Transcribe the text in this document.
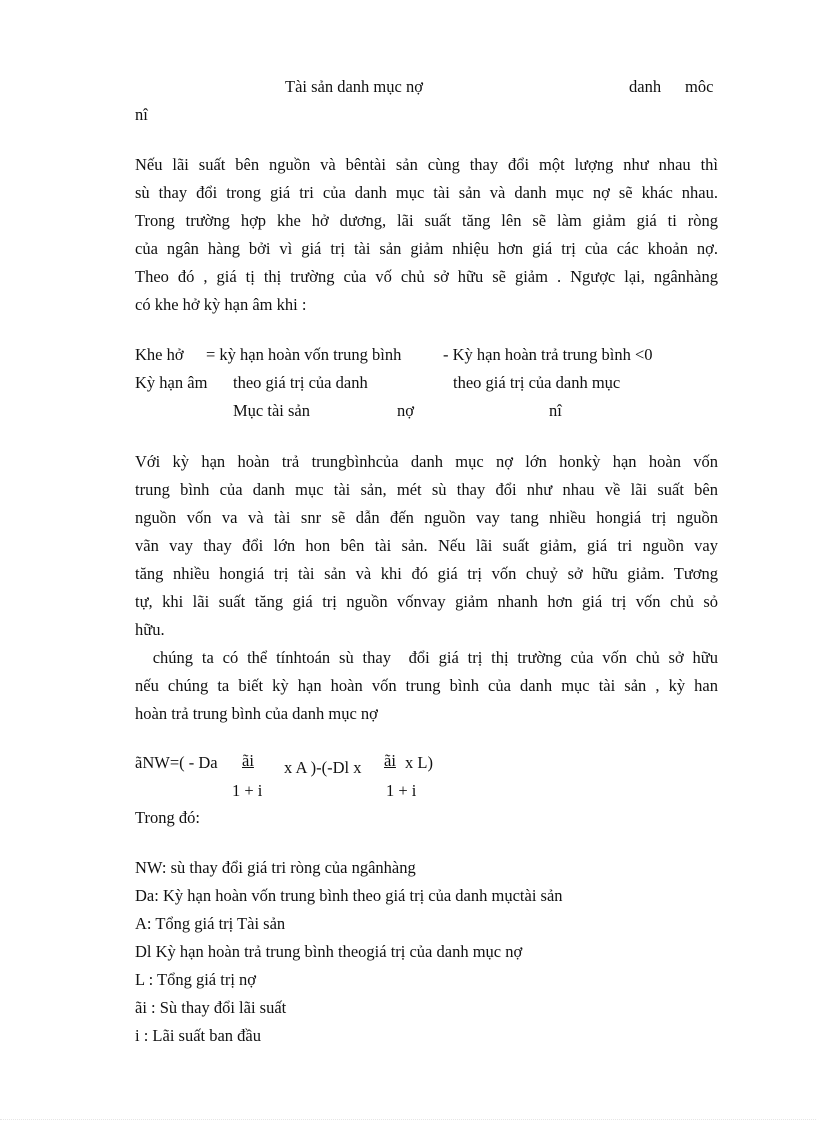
Tài sản danh mục nợ	danh môc
nî
Nếu lãi suất bên nguồn và bêntài sản cùng thay đổi một lượng như nhau thì
sù thay đổi trong giá tri của danh mục tài sản và danh mục nợ sẽ khác nhau.
Trong trường hợp khe hở dương, lãi suất tăng lên sẽ làm giảm giá ti ròng
của ngân hàng bởi vì giá trị tài sản giảm nhiệu hơn giá trị của các khoản nợ.
Theo đó , giá tị thị trường của vố chủ sở hữu sẽ giảm . Ngược lại, ngânhàng
có khe hở kỳ hạn âm khi :
Khe hở = kỳ hạn hoàn vốn trung bình	- Kỳ hạn hoàn trả trung bình <0
Kỳ hạn âm theo giá trị của danh	theo giá trị của danh mục
Mục tài sản	nợ	nî
Với kỳ hạn hoàn trả trungbìnhcủa danh mục nợ lớn honkỳ hạn hoàn vốn
trung bình của danh mục tài sản, mét sù thay đổi như nhau về lãi suất bên
nguồn vốn va và tài snr sẽ dẫn đến nguồn vay tang nhiều hongiá trị nguồn
vãn vay thay đổi lớn hon bên tài sản. Nếu lãi suất giảm, giá tri nguồn vay
tăng nhiều hongiá trị tài sản và khi đó giá trị vốn chuỷ sở hữu giảm. Tương
tự, khi lãi suất tăng giá trị nguồn vốnvay giảm nhanh hơn giá trị vốn chủ sỏ
hữu.
chúng ta có thể tínhtoán sù thay  đổi giá trị thị trường của vốn chủ sở hữu
nếu chúng ta biết kỳ hạn hoàn vốn trung bình của danh mục tài sản , kỳ han
hoàn trả trung bình của danh mục nợ
ãNW=( - Da ãi x A )-(-Dl x ãi x L)
1 + i	1 + i
Trong đó:
NW: sù thay đổi giá tri ròng của ngânhàng
Da: Kỳ hạn hoàn vốn trung bình theo giá trị của danh mụctài sản
A: Tổng giá trị Tài sản
Dl Kỳ hạn hoàn trả trung bình theogiá trị của danh mục nợ
L : Tổng giá trị nợ
ãi : Sù thay đổi lãi suất
i : Lãi suất ban đầu
